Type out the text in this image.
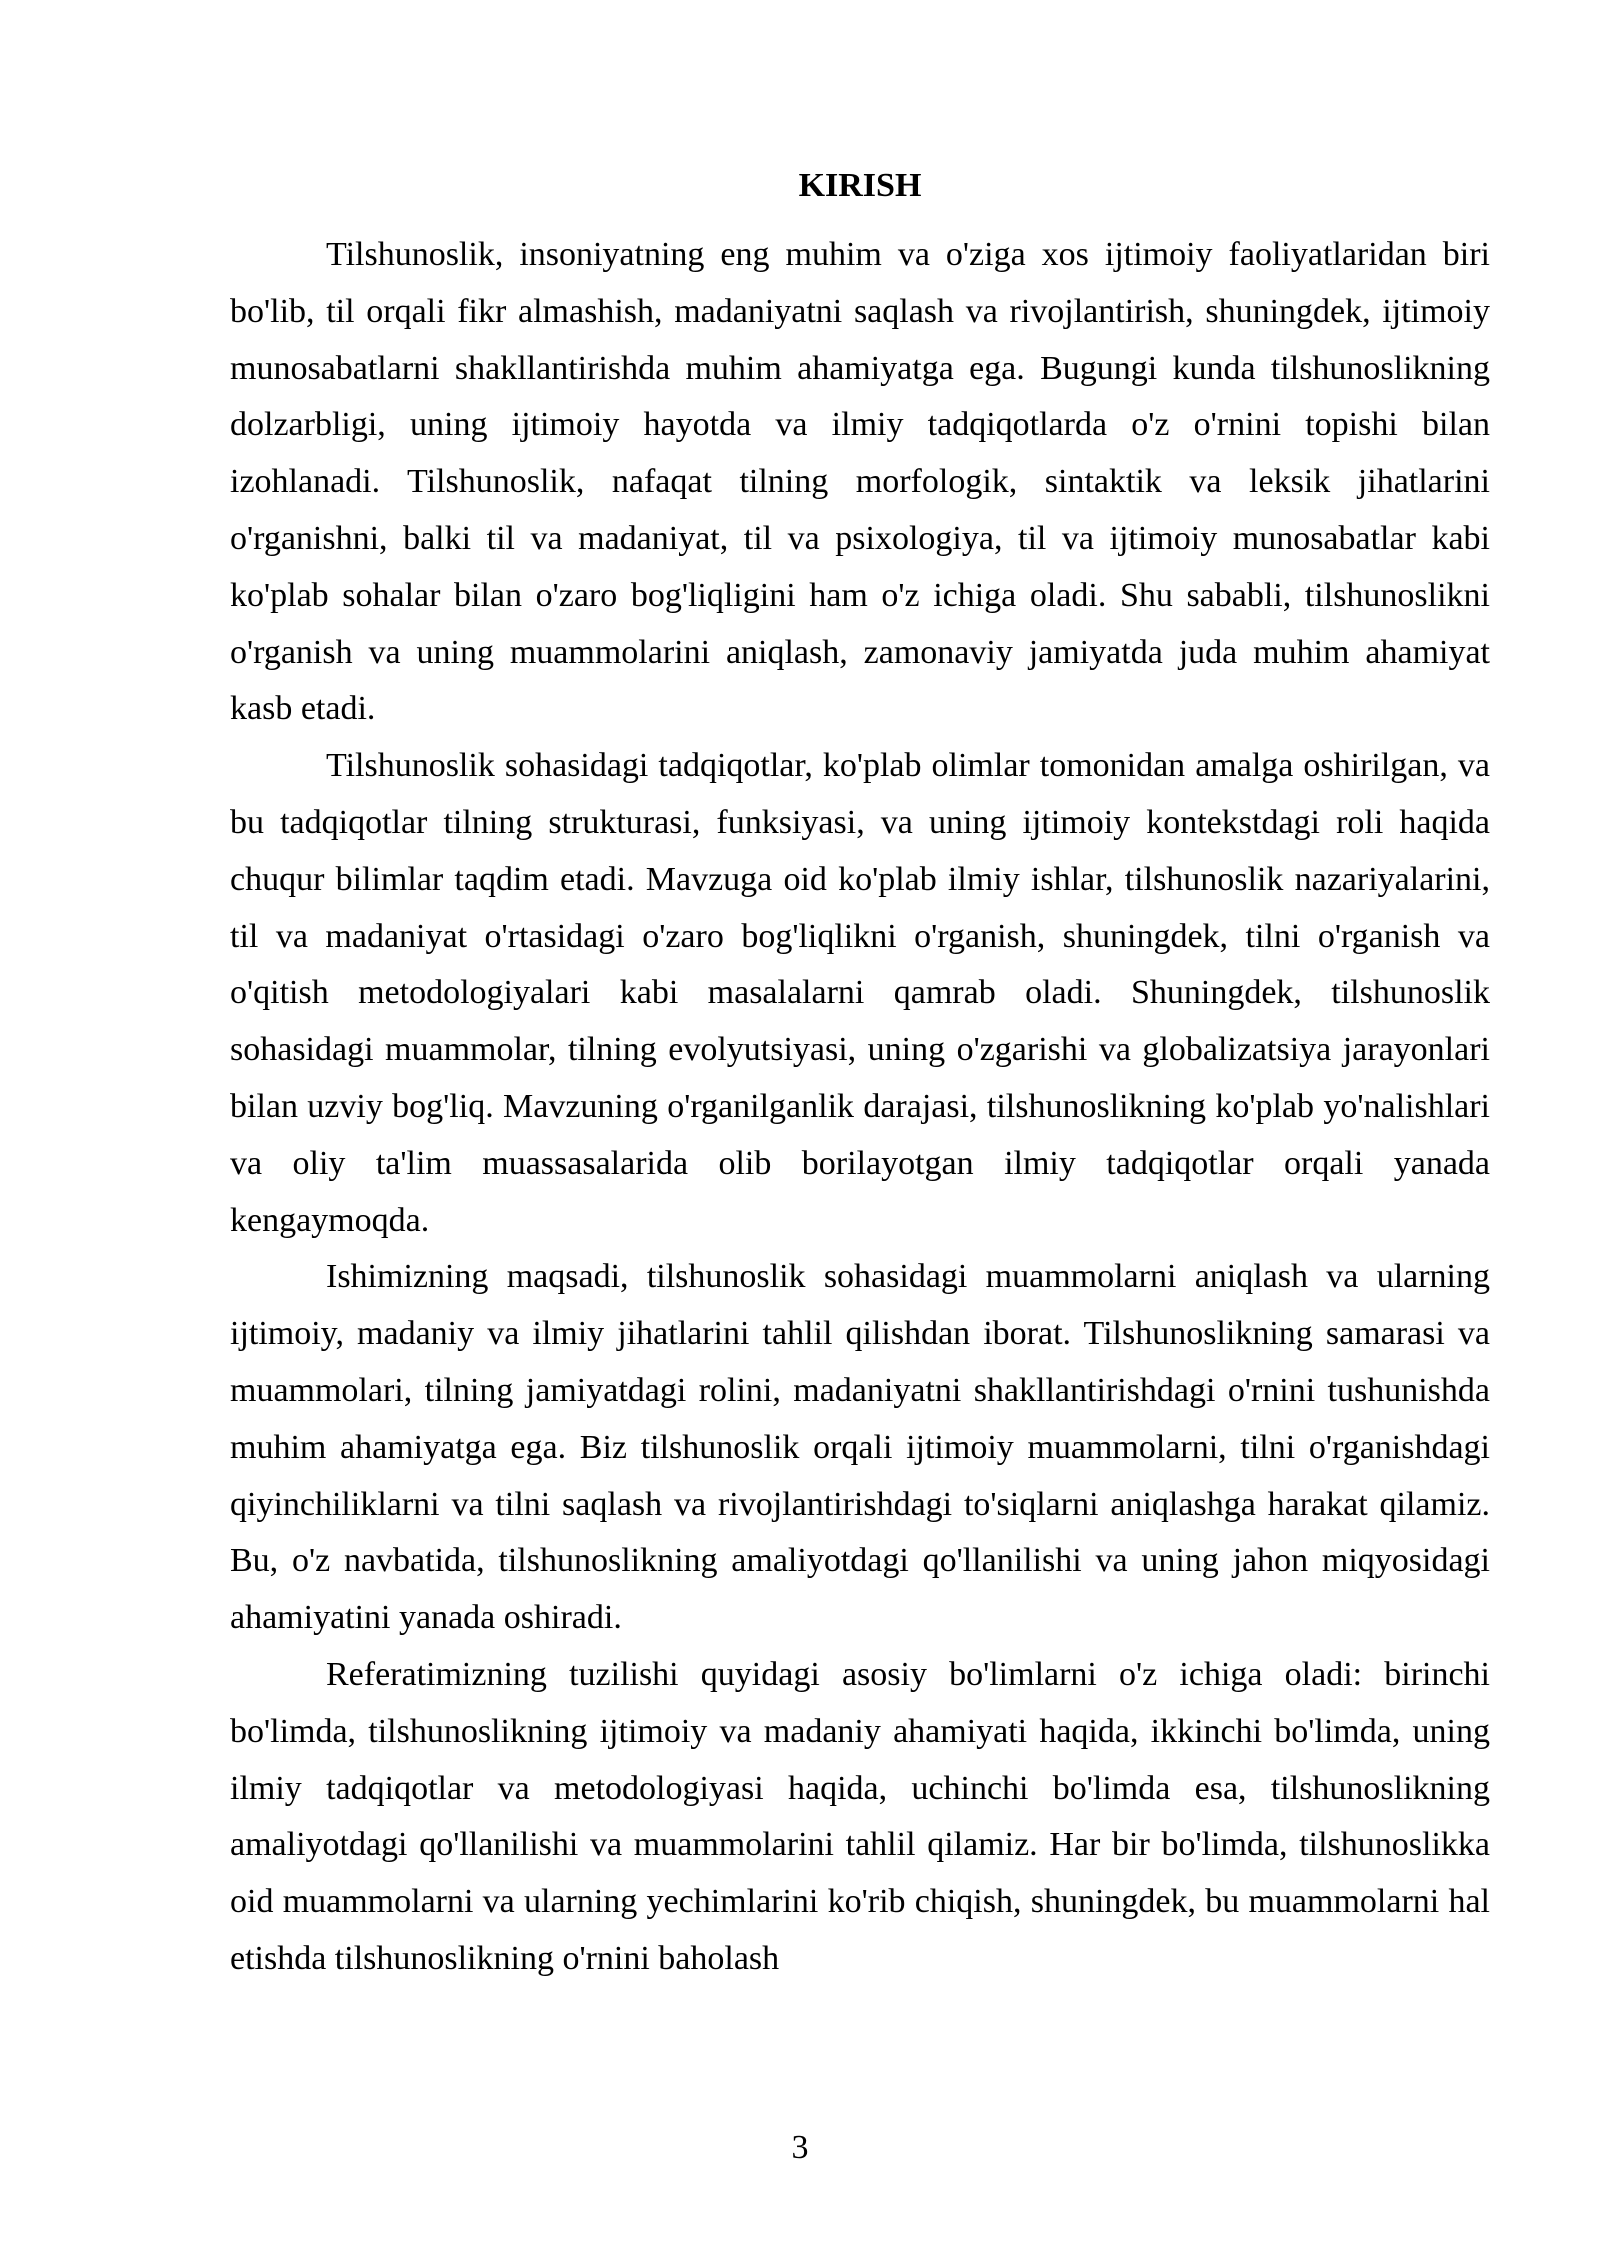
KIRISH

Tilshunoslik, insoniyatning eng muhim va o'ziga xos ijtimoiy faoliyatlaridan biri bo'lib, til orqali fikr almashish, madaniyatni saqlash va rivojlantirish, shuningdek, ijtimoiy munosabatlarni shakllantirishda muhim ahamiyatga ega. Bugungi kunda tilshunoslikning dolzarbligi, uning ijtimoiy hayotda va ilmiy tadqiqotlarda o'z o'rnini topishi bilan izohlanadi. Tilshunoslik, nafaqat tilning morfologik, sintaktik va leksik jihatlarini o'rganishni, balki til va madaniyat, til va psixologiya, til va ijtimoiy munosabatlar kabi ko'plab sohalar bilan o'zaro bog'liqligini ham o'z ichiga oladi. Shu sababli, tilshunoslikni o'rganish va uning muammolarini aniqlash, zamonaviy jamiyatda juda muhim ahamiyat kasb etadi.

Tilshunoslik sohasidagi tadqiqotlar, ko'plab olimlar tomonidan amalga oshirilgan, va bu tadqiqotlar tilning strukturasi, funksiyasi, va uning ijtimoiy kontekstdagi roli haqida chuqur bilimlar taqdim etadi. Mavzuga oid ko'plab ilmiy ishlar, tilshunoslik nazariyalarini, til va madaniyat o'rtasidagi o'zaro bog'liqlikni o'rganish, shuningdek, tilni o'rganish va o'qitish metodologiyalari kabi masalalarni qamrab oladi. Shuningdek, tilshunoslik sohasidagi muammolar, tilning evolyutsiyasi, uning o'zgarishi va globalizatsiya jarayonlari bilan uzviy bog'liq. Mavzuning o'rganilganlik darajasi, tilshunoslikning ko'plab yo'nalishlari va oliy ta'lim muassasalarida olib borilayotgan ilmiy tadqiqotlar orqali yanada kengaymoqda.

Ishimizning maqsadi, tilshunoslik sohasidagi muammolarni aniqlash va ularning ijtimoiy, madaniy va ilmiy jihatlarini tahlil qilishdan iborat. Tilshunoslikning samarasi va muammolari, tilning jamiyatdagi rolini, madaniyatni shakllantirishdagi o'rnini tushunishda muhim ahamiyatga ega. Biz tilshunoslik orqali ijtimoiy muammolarni, tilni o'rganishdagi qiyinchiliklarni va tilni saqlash va rivojlantirishdagi to'siqlarni aniqlashga harakat qilamiz. Bu, o'z navbatida, tilshunoslikning amaliyotdagi qo'llanilishi va uning jahon miqyosidagi ahamiyatini yanada oshiradi.

Referatimizning tuzilishi quyidagi asosiy bo'limlarni o'z ichiga oladi: birinchi bo'limda, tilshunoslikning ijtimoiy va madaniy ahamiyati haqida, ikkinchi bo'limda, uning ilmiy tadqiqotlar va metodologiyasi haqida, uchinchi bo'limda esa, tilshunoslikning amaliyotdagi qo'llanilishi va muammolarini tahlil qilamiz. Har bir bo'limda, tilshunoslikka oid muammolarni va ularning yechimlarini ko'rib chiqish, shuningdek, bu muammolarni hal etishda tilshunoslikning o'rnini baholash

3
